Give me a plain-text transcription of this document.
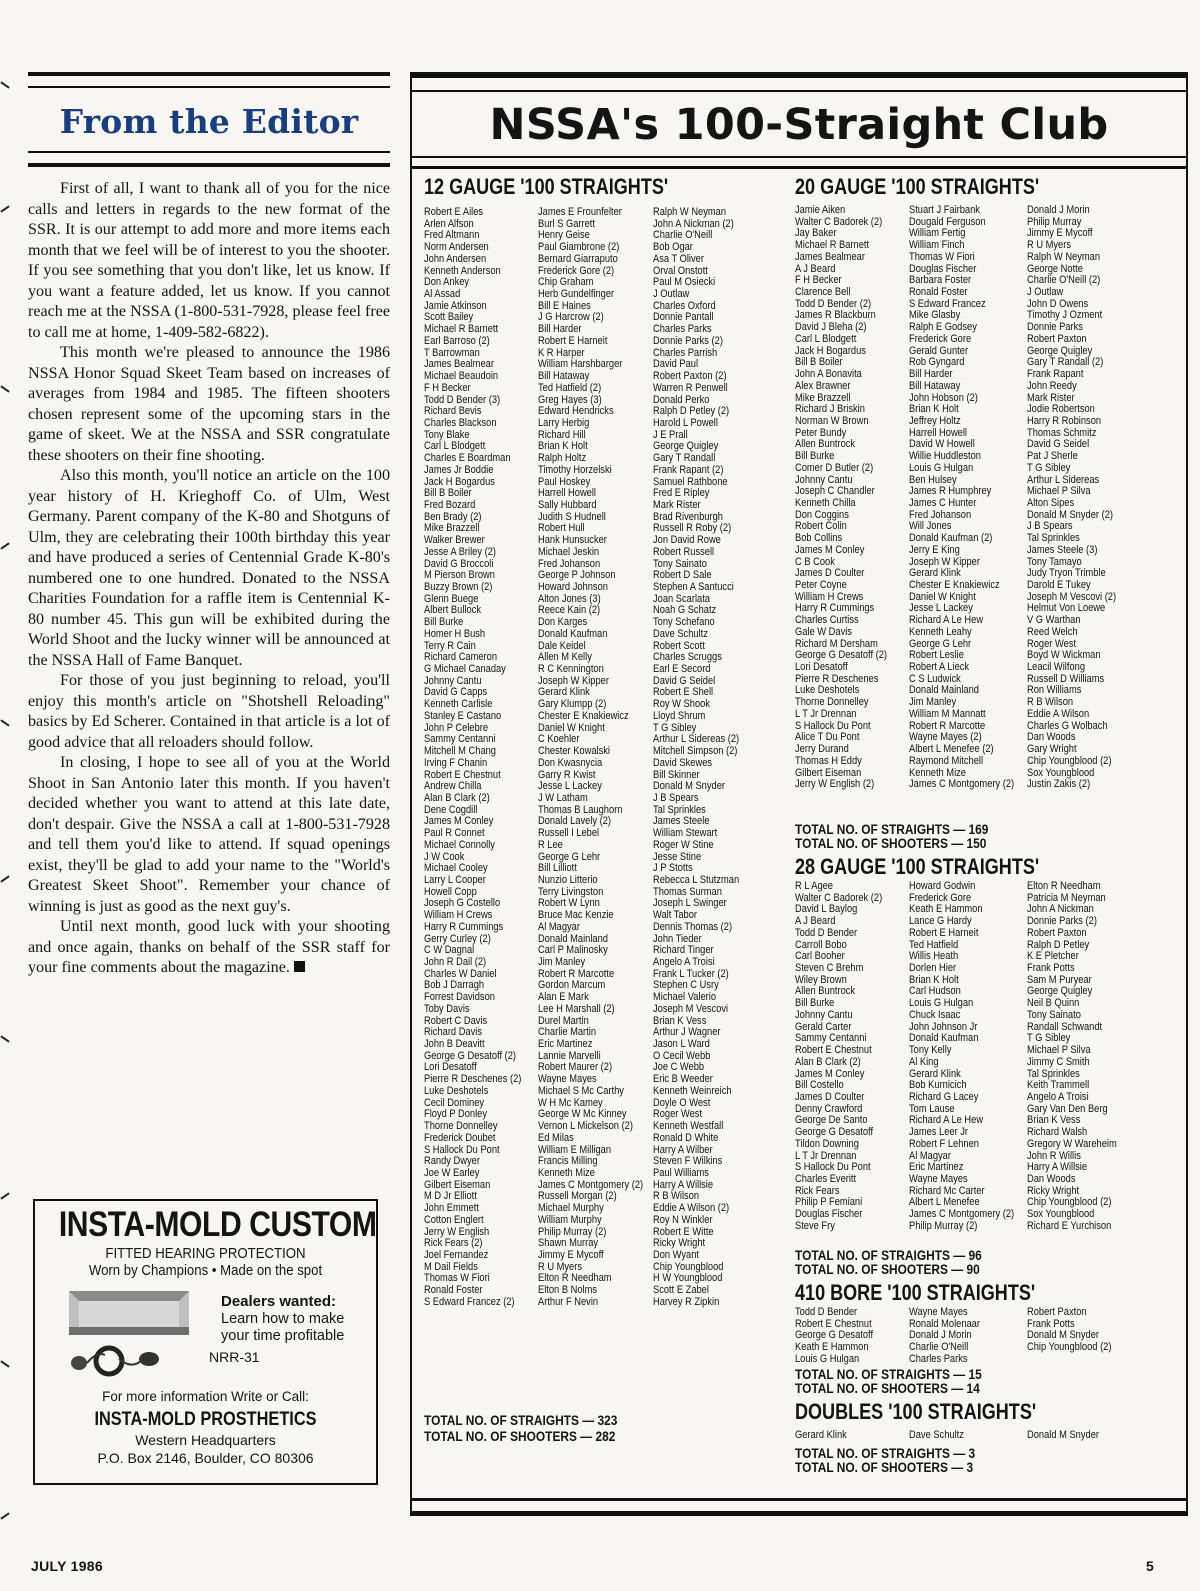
From the Editor

First of all, I want to thank all of you for the nice calls and letters in regards to the new format of the SSR. It is our attempt to add more and more items each month that we feel will be of interest to you the shooter. If you see something that you don't like, let us know. If you want a feature added, let us know. If you cannot reach me at the NSSA (1-800-531-7928, please feel free to call me at home, 1-409-582-6822).

This month we're pleased to announce the 1986 NSSA Honor Squad Skeet Team based on increases of averages from 1984 and 1985. The fifteen shooters chosen represent some of the upcoming stars in the game of skeet. We at the NSSA and SSR congratulate these shooters on their fine shooting.

Also this month, you'll notice an article on the 100 year history of H. Krieghoff Co. of Ulm, West Germany. Parent company of the K-80 and Shotguns of Ulm, they are celebrating their 100th birthday this year and have produced a series of Centennial Grade K-80's numbered one to one hundred. Donated to the NSSA Charities Foundation for a raffle item is Centennial K-80 number 45. This gun will be exhibited during the World Shoot and the lucky winner will be announced at the NSSA Hall of Fame Banquet.

For those of you just beginning to reload, you'll enjoy this month's article on "Shotshell Reloading" basics by Ed Scherer. Contained in that article is a lot of good advice that all reloaders should follow.

In closing, I hope to see all of you at the World Shoot in San Antonio later this month. If you haven't decided whether you want to attend at this late date, don't despair. Give the NSSA a call at 1-800-531-7928 and tell them you'd like to attend. If squad openings exist, they'll be glad to add your name to the "World's Greatest Skeet Shoot". Remember your chance of winning is just as good as the next guy's.

Until next month, good luck with your shooting and once again, thanks on behalf of the SSR staff for your fine comments about the magazine.

INSTA-MOLD CUSTOM
FITTED HEARING PROTECTION
Worn by Champions • Made on the spot
Dealers wanted:
Learn how to make your time profitable
NRR-31
For more information Write or Call:
INSTA-MOLD PROSTHETICS
Western Headquarters
P.O. Box 2146, Boulder, CO 80306
NSSA's 100-Straight Club
12 GAUGE '100 STRAIGHTS'
Robert E Ailes
Arlen Alfson
Fred Altmann
Norm Andersen
John Andersen
Kenneth Anderson
Don Ankey
Al Assad
Jamie Atkinson
Scott Bailey
Michael R Barnett
Earl Barroso (2)
T Barrowman
James Bealmear
Michael Beaudoin
F H Becker
Todd D Bender (3)
Richard Bevis
Charles Blackson
Tony Blake
Carl L Blodgett
Charles E Boardman
James Jr Boddie
Jack H Bogardus
Bill B Boiler
Fred Bozard
Ben Brady (2)
Mike Brazzell
Walker Brewer
Jesse A Briley (2)
David G Broccoli
M Pierson Brown
Buzzy Brown (2)
Glenn Buege
Albert Bullock
Bill Burke
Homer H Bush
Terry R Cain
Richard Cameron
G Michael Canaday
Johnny Cantu
David G Capps
Kenneth Carlisle
Stanley E Castano
John P Celebre
Sammy Centanni
Mitchell M Chang
Irving F Chanin
Robert E Chestnut
Andrew Chilla
Alan B Clark (2)
Dene Cogdill
James M Conley
Paul R Connet
Michael Connolly
J W Cook
Michael Cooley
Larry L Cooper
Howell Copp
Joseph G Costello
William H Crews
Harry R Cummings
Gerry Curley (2)
C W Dagnal
John R Dail (2)
Charles W Daniel
Bob J Darragh
Forrest Davidson
Toby Davis
Robert C Davis
Richard Davis
John B Deavitt
George G Desatoff (2)
Lori Desatoff
Pierre R Deschenes (2)
Luke Deshotels
Cecil Dominey
Floyd P Donley
Thorne Donnelley
Frederick Doubet
S Hallock Du Pont
Randy Dwyer
Joe W Earley
Gilbert Eiseman
M D Jr Elliott
John Emmett
Cotton Englert
Jerry W English
Rick Fears (2)
Joel Fernandez
M Dail Fields
Thomas W Fiori
Ronald Foster
S Edward Francez (2)
James E Frounfelter
Burl S Garrett
Henry Geise
Paul Giambrone (2)
Bernard Giarraputo
Frederick Gore (2)
Chip Graham
Herb Gundelfinger
Bill E Haines
J G Harcrow (2)
Bill Harder
Robert E Harneit
K R Harper
William Harshbarger
Bill Hataway
Ted Hatfield (2)
Greg Hayes (3)
Edward Hendricks
Larry Herbig
Richard Hill
Brian K Holt
Ralph Holtz
Timothy Horzelski
Paul Hoskey
Harrell Howell
Sally Hubbard
Judith S Hudnell
Robert Hull
Hank Hunsucker
Michael Jeskin
Fred Johanson
George P Johnson
Howard Johnson
Alton Jones (3)
Reece Kain (2)
Don Karges
Donald Kaufman
Dale Keidel
Allen M Kelly
R C Kennington
Joseph W Kipper
Gerard Klink
Gary Klumpp (2)
Chester E Knakiewicz
Daniel W Knight
C Koehler
Chester Kowalski
Don Kwasnycia
Garry R Kwist
Jesse L Lackey
J W Latham
Thomas B Laughorn
Donald Lavely (2)
Russell I Lebel
R Lee
George G Lehr
Bill Lilliott
Nunzio Litterio
Terry Livingston
Robert W Lynn
Bruce Mac Kenzie
Al Magyar
Donald Mainland
Carl P Malinosky
Jim Manley
Robert R Marcotte
Gordon Marcum
Alan E Mark
Lee H Marshall (2)
Durel Martin
Charlie Martin
Eric Martinez
Lannie Marvelli
Robert Maurer (2)
Wayne Mayes
Michael S Mc Carthy
W H Mc Kamey
George W Mc Kinney
Vernon L Mickelson (2)
Ed Milas
William E Milligan
Francis Milling
Kenneth Mize
James C Montgomery (2)
Russell Morgan (2)
Michael Murphy
William Murphy
Philip Murray (2)
Shawn Murray
Jimmy E Mycoff
R U Myers
Elton R Needham
Elton B Nolms
Arthur F Nevin
Ralph W Neyman
John A Nickman (2)
Charlie O'Neill
Bob Ogar
Asa T Oliver
Orval Onstott
Paul M Osiecki
J Outlaw
Charles Oxford
Donnie Pantall
Charles Parks
Donnie Parks (2)
Charles Parrish
David Paul
Robert Paxton (2)
Warren R Penwell
Donald Perko
Ralph D Petley (2)
Harold L Powell
J E Prall
George Quigley
Gary T Randall
Frank Rapant (2)
Samuel Rathbone
Fred E Ripley
Mark Rister
Brad Rivenburgh
Russell R Roby (2)
Jon David Rowe
Robert Russell
Tony Sainato
Robert D Sale
Stephen A Santucci
Joan Scarlata
Noah G Schatz
Tony Schefano
Dave Schultz
Robert Scott
Charles Scruggs
Earl E Secord
David G Seidel
Robert E Shell
Roy W Shook
Lloyd Shrum
T G Sibley
Arthur L Sidereas (2)
Mitchell Simpson (2)
David Skewes
Bill Skinner
Donald M Snyder
J B Spears
Tal Sprinkles
James Steele
William Stewart
Roger W Stine
Jesse Stine
J P Stotts
Rebecca L Stutzman
Thomas Surman
Joseph L Swinger
Walt Tabor
Dennis Thomas (2)
John Tieder
Richard Tinger
Angelo A Troisi
Frank L Tucker (2)
Stephen C Usry
Michael Valerio
Joseph M Vescovi
Brian K Vess
Arthur J Wagner
Jason L Ward
O Cecil Webb
Joe C Webb
Eric B Weeder
Kenneth Weinreich
Doyle O West
Roger West
Kenneth Westfall
Ronald D White
Harry A Wilber
Steven F Wilkins
Paul Williams
Harry A Willsie
R B Wilson
Eddie A Wilson (2)
Roy N Winkler
Robert E Witte
Ricky Wright
Don Wyant
Chip Youngblood
H W Youngblood
Scott E Zabel
Harvey R Zipkin
TOTAL NO. OF STRAIGHTS — 323
TOTAL NO. OF SHOOTERS — 282
20 GAUGE '100 STRAIGHTS'
Jamie Aiken
Walter C Badorek (2)
Jay Baker
Michael R Barnett
James Bealmear
A J Beard
F H Becker
Clarence Bell
Todd D Bender (2)
James R Blackburn
David J Bleha (2)
Carl L Blodgett
Jack H Bogardus
Bill B Boiler
John A Bonavita
Alex Brawner
Mike Brazzell
Richard J Briskin
Norman W Brown
Peter Bundy
Allen Buntrock
Bill Burke
Comer D Butler (2)
Johnny Cantu
Joseph C Chandler
Kenneth Chilla
Don Coggins
Robert Colin
Bob Collins
James M Conley
C B Cook
James D Coulter
Peter Coyne
William H Crews
Harry R Cummings
Charles Curtiss
Gale W Davis
Richard M Dersham
George G Desatoff (2)
Lori Desatoff
Pierre R Deschenes
Luke Deshotels
Thorne Donnelley
L T Jr Drennan
S Hallock Du Pont
Alice T Du Pont
Jerry Durand
Thomas H Eddy
Gilbert Eiseman
Jerry W English (2)
Stuart J Fairbank
Dougald Ferguson
William Fertig
William Finch
Thomas W Fiori
Douglas Fischer
Barbara Foster
Ronald Foster
S Edward Francez
Mike Glasby
Ralph E Godsey
Frederick Gore
Gerald Gunter
Rob Gyngard
Bill Harder
Bill Hataway
John Hobson (2)
Brian K Holt
Jeffrey Holtz
Harrell Howell
David W Howell
Willie Huddleston
Louis G Hulgan
Ben Hulsey
James R Humphrey
James C Hunter
Fred Johanson
Will Jones
Donald Kaufman (2)
Jerry E King
Joseph W Kipper
Gerard Klink
Chester E Knakiewicz
Daniel W Knight
Jesse L Lackey
Richard A Le Hew
Kenneth Leahy
George G Lehr
Robert Leslie
Robert A Lieck
C S Ludwick
Donald Mainland
Jim Manley
William M Mannatt
Robert R Marcotte
Wayne Mayes (2)
Albert L Menefee (2)
Raymond Mitchell
Kenneth Mize
James C Montgomery (2)
Donald J Morin
Philip Murray
Jimmy E Mycoff
R U Myers
Ralph W Neyman
George Notte
Charlie O'Neill (2)
J Outlaw
John D Owens
Timothy J Ozment
Donnie Parks
Robert Paxton
George Quigley
Gary T Randall (2)
Frank Rapant
John Reedy
Mark Rister
Jodie Robertson
Harry R Robinson
Thomas Schmitz
David G Seidel
Pat J Sherle
T G Sibley
Arthur L Sidereas
Michael P Silva
Alton Sipes
Donald M Snyder (2)
J B Spears
Tal Sprinkles
James Steele (3)
Tony Tamayo
Judy Tryon Trimble
Darold E Tukey
Joseph M Vescovi (2)
Helmut Von Loewe
V G Warthan
Reed Welch
Roger West
Boyd W Wickman
Leacil Wilfong
Russell D Williams
Ron Williams
R B Wilson
Eddie A Wilson
Charles G Wolbach
Dan Woods
Gary Wright
Chip Youngblood (2)
Sox Youngblood
Justin Zakis (2)
TOTAL NO. OF STRAIGHTS — 169
TOTAL NO. OF SHOOTERS — 150
28 GAUGE '100 STRAIGHTS'
R L Agee
Walter C Badorek (2)
David L Baylog
A J Beard
Todd D Bender
Carroll Bobo
Carl Booher
Steven C Brehm
Wiley Brown
Allen Buntrock
Bill Burke
Johnny Cantu
Gerald Carter
Sammy Centanni
Robert E Chestnut
Alan B Clark (2)
James M Conley
Bill Costello
James D Coulter
Denny Crawford
George De Santo
George G Desatoff
Tildon Downing
L T Jr Drennan
S Hallock Du Pont
Charles Everitt
Rick Fears
Philip P Femiani
Douglas Fischer
Steve Fry
Howard Godwin
Frederick Gore
Keath E Hammon
Lance G Hardy
Robert E Harneit
Ted Hatfield
Willis Heath
Dorlen Hier
Brian K Holt
Carl Hudson
Louis G Hulgan
Chuck Isaac
John Johnson Jr
Donald Kaufman
Tony Kelly
Al King
Gerard Klink
Bob Kurnicich
Richard G Lacey
Tom Lause
Richard A Le Hew
James Leer Jr
Robert F Lehnen
Al Magyar
Eric Martinez
Wayne Mayes
Richard Mc Carter
Albert L Menefee
James C Montgomery (2)
Philip Murray (2)
Elton R Needham
Patricia M Neyman
John A Nickman
Donnie Parks (2)
Robert Paxton
Ralph D Petley
K E Pletcher
Frank Potts
Sam M Puryear
George Quigley
Neil B Quinn
Tony Sainato
Randall Schwandt
T G Sibley
Michael P Silva
Jimmy C Smith
Tal Sprinkles
Keith Trammell
Angelo A Troisi
Gary Van Den Berg
Brian K Vess
Richard Walsh
Gregory W Wareheim
John R Willis
Harry A Willsie
Dan Woods
Ricky Wright
Chip Youngblood (2)
Sox Youngblood
Richard E Yurchison
TOTAL NO. OF STRAIGHTS — 96
TOTAL NO. OF SHOOTERS — 90
410 BORE '100 STRAIGHTS'
Todd D Bender
Robert E Chestnut
George G Desatoff
Keath E Hammon
Louis G Hulgan
Wayne Mayes
Ronald Molenaar
Donald J Morin
Charlie O'Neill
Charles Parks
Robert Paxton
Frank Potts
Donald M Snyder
Chip Youngblood (2)
TOTAL NO. OF STRAIGHTS — 15
TOTAL NO. OF SHOOTERS — 14
DOUBLES '100 STRAIGHTS'
Gerard Klink	Dave Schultz	Donald M Snyder
TOTAL NO. OF STRAIGHTS — 3
TOTAL NO. OF SHOOTERS — 3
JULY 1986	5
